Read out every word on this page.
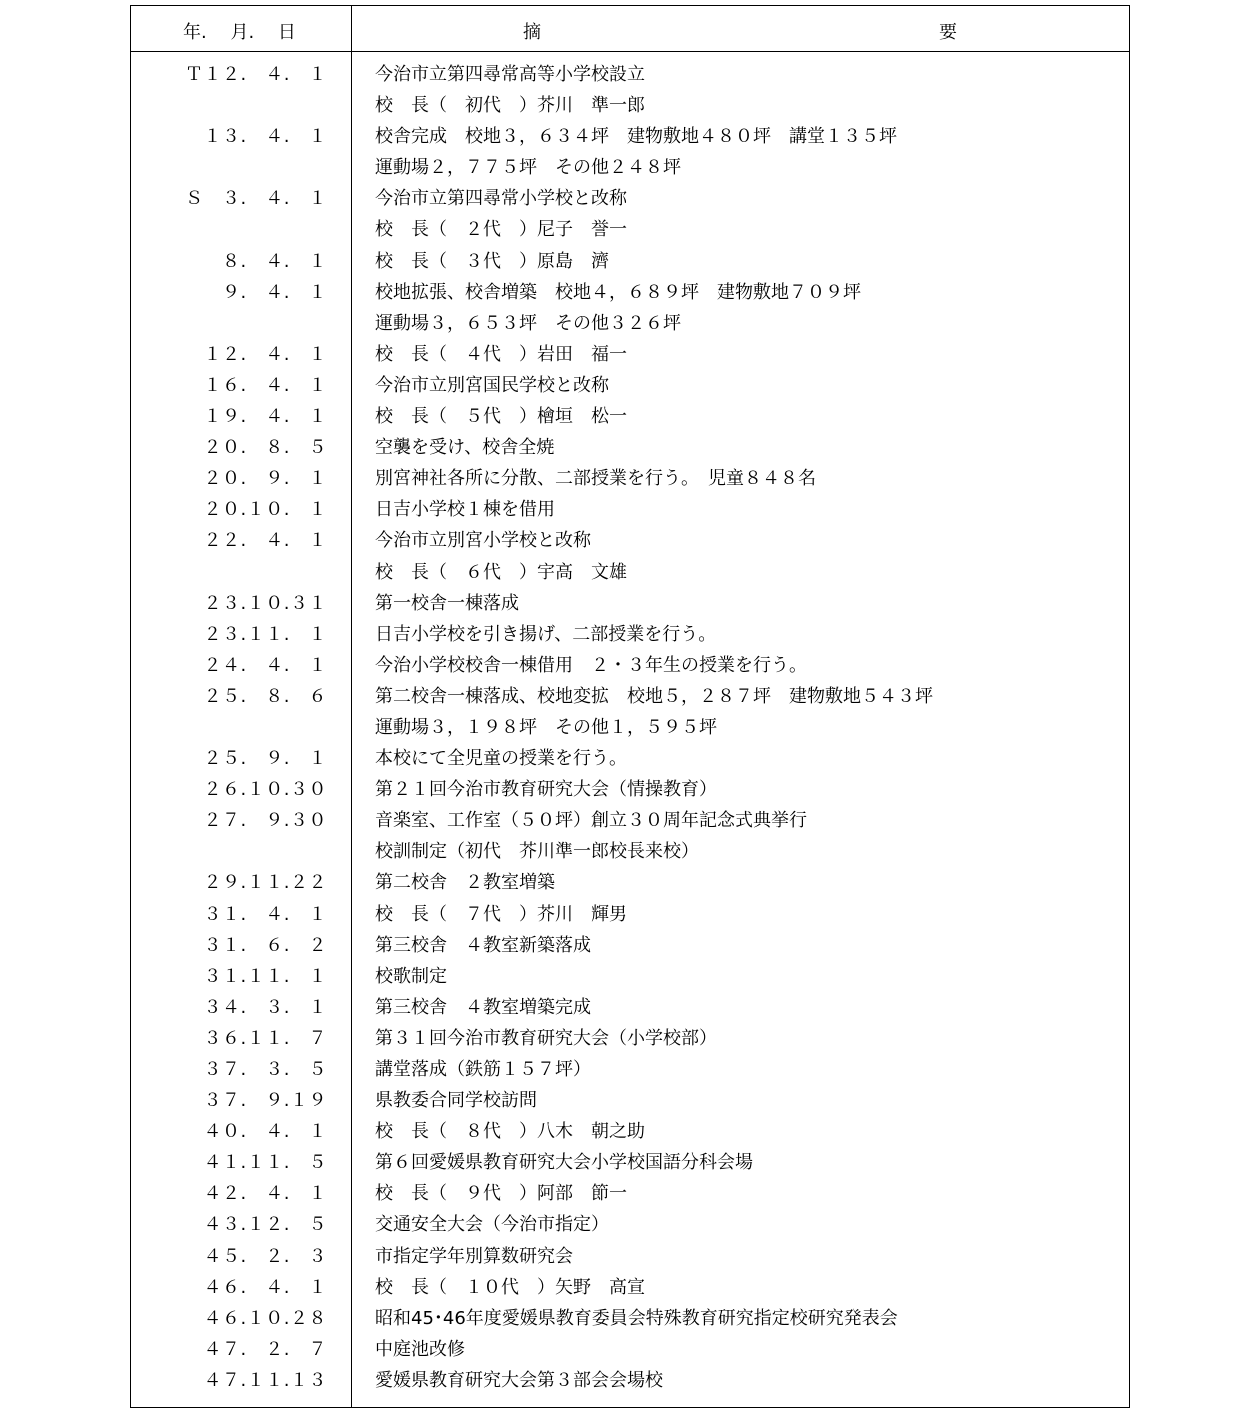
年.　 月.　 日	摘	要
Ｔ１２.　４.　１	今治市立第四尋常高等小学校設立
校　長（　初代　）芥川　準一郎
１３.　４.　１	校舎完成　校地３，６３４坪　建物敷地４８０坪　講堂１３５坪
運動場２，７７５坪　その他２４８坪
Ｓ　３.　４.　１	今治市立第四尋常小学校と改称
校　長（　２代　）尼子　誉一
８.　４.　１	校　長（　３代　）原島　濟
９.　４.　１	校地拡張、校舎増築　校地４，６８９坪　建物敷地７０９坪
運動場３，６５３坪　その他３２６坪
１２.　４.　１	校　長（　４代　）岩田　福一
１６.　４.　１	今治市立別宮国民学校と改称
１９.　４.　１	校　長（　５代　）檜垣　松一
２０.　８.　５	空襲を受け、校舎全焼
２０.　９.　１	別宮神社各所に分散、二部授業を行う。　児童８４８名
２０.１０.　１	日吉小学校１棟を借用
２２.　４.　１	今治市立別宮小学校と改称
校　長（　６代　）宇高　文雄
２３.１０.３１	第一校舎一棟落成
２３.１１.　１	日吉小学校を引き揚げ、二部授業を行う。
２４.　４.　１	今治小学校校舎一棟借用　２・３年生の授業を行う。
２５.　８.　６	第二校舎一棟落成、校地変拡　校地５，２８７坪　建物敷地５４３坪
運動場３，１９８坪　その他１，５９５坪
２５.　９.　１	本校にて全児童の授業を行う。
２６.１０.３０	第２１回今治市教育研究大会（情操教育）
２７.　９.３０	音楽室、工作室（５０坪）創立３０周年記念式典挙行
校訓制定（初代　芥川準一郎校長来校）
２９.１１.２２	第二校舎　２教室増築
３１.　４.　１	校　長（　７代　）芥川　輝男
３１.　６.　２	第三校舎　４教室新築落成
３１.１１.　１	校歌制定
３４.　３.　１	第三校舎　４教室増築完成
３６.１１.　７	第３１回今治市教育研究大会（小学校部）
３７.　３.　５	講堂落成（鉄筋１５７坪）
３７.　９.１９	県教委合同学校訪問
４０.　４.　１	校　長（　８代　）八木　朝之助
４１.１１.　５	第６回愛媛県教育研究大会小学校国語分科会場
４２.　４.　１	校　長（　９代　）阿部　節一
４３.１２.　５	交通安全大会（今治市指定）
４５.　２.　３	市指定学年別算数研究会
４６.　４.　１	校　長（　１０代　）矢野　高宣
４６.１０.２８	昭和45･46年度愛媛県教育委員会特殊教育研究指定校研究発表会
４７.　２.　７	中庭池改修
４７.１１.１３	愛媛県教育研究大会第３部会会場校
